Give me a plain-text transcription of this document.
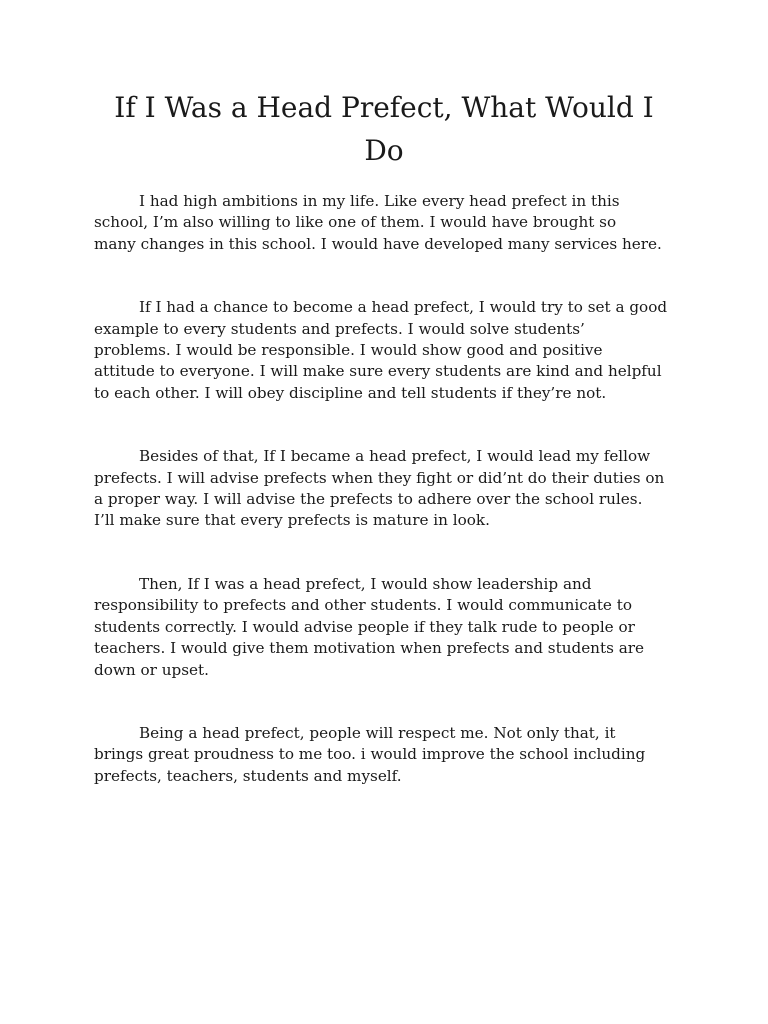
If I Was a Head Prefect, What Would I Do

I had high ambitions in my life. Like every head prefect in this
school, I’m also willing to like one of them. I would have brought so
many changes in this school. I would have developed many services here.

If I had a chance to become a head prefect, I would try to set a good
example to every students and prefects. I would solve students’
problems. I would be responsible. I would show good and positive
attitude to everyone. I will make sure every students are kind and helpful
to each other. I will obey discipline and tell students if they’re not.

Besides of that, If I became a head prefect, I would lead my fellow
prefects. I will advise prefects when they fight or did’nt do their duties on
a proper way. I will advise the prefects to adhere over the school rules.
I’ll make sure that every prefects is mature in look.

Then, If I was a head prefect, I would show leadership and
responsibility to prefects and other students. I would communicate to
students correctly. I would advise people if they talk rude to people or
teachers. I would give them motivation when prefects and students are
down or upset.

Being a head prefect, people will respect me. Not only that, it
brings great proudness to me too. i would improve the school including
prefects, teachers, students and myself.
